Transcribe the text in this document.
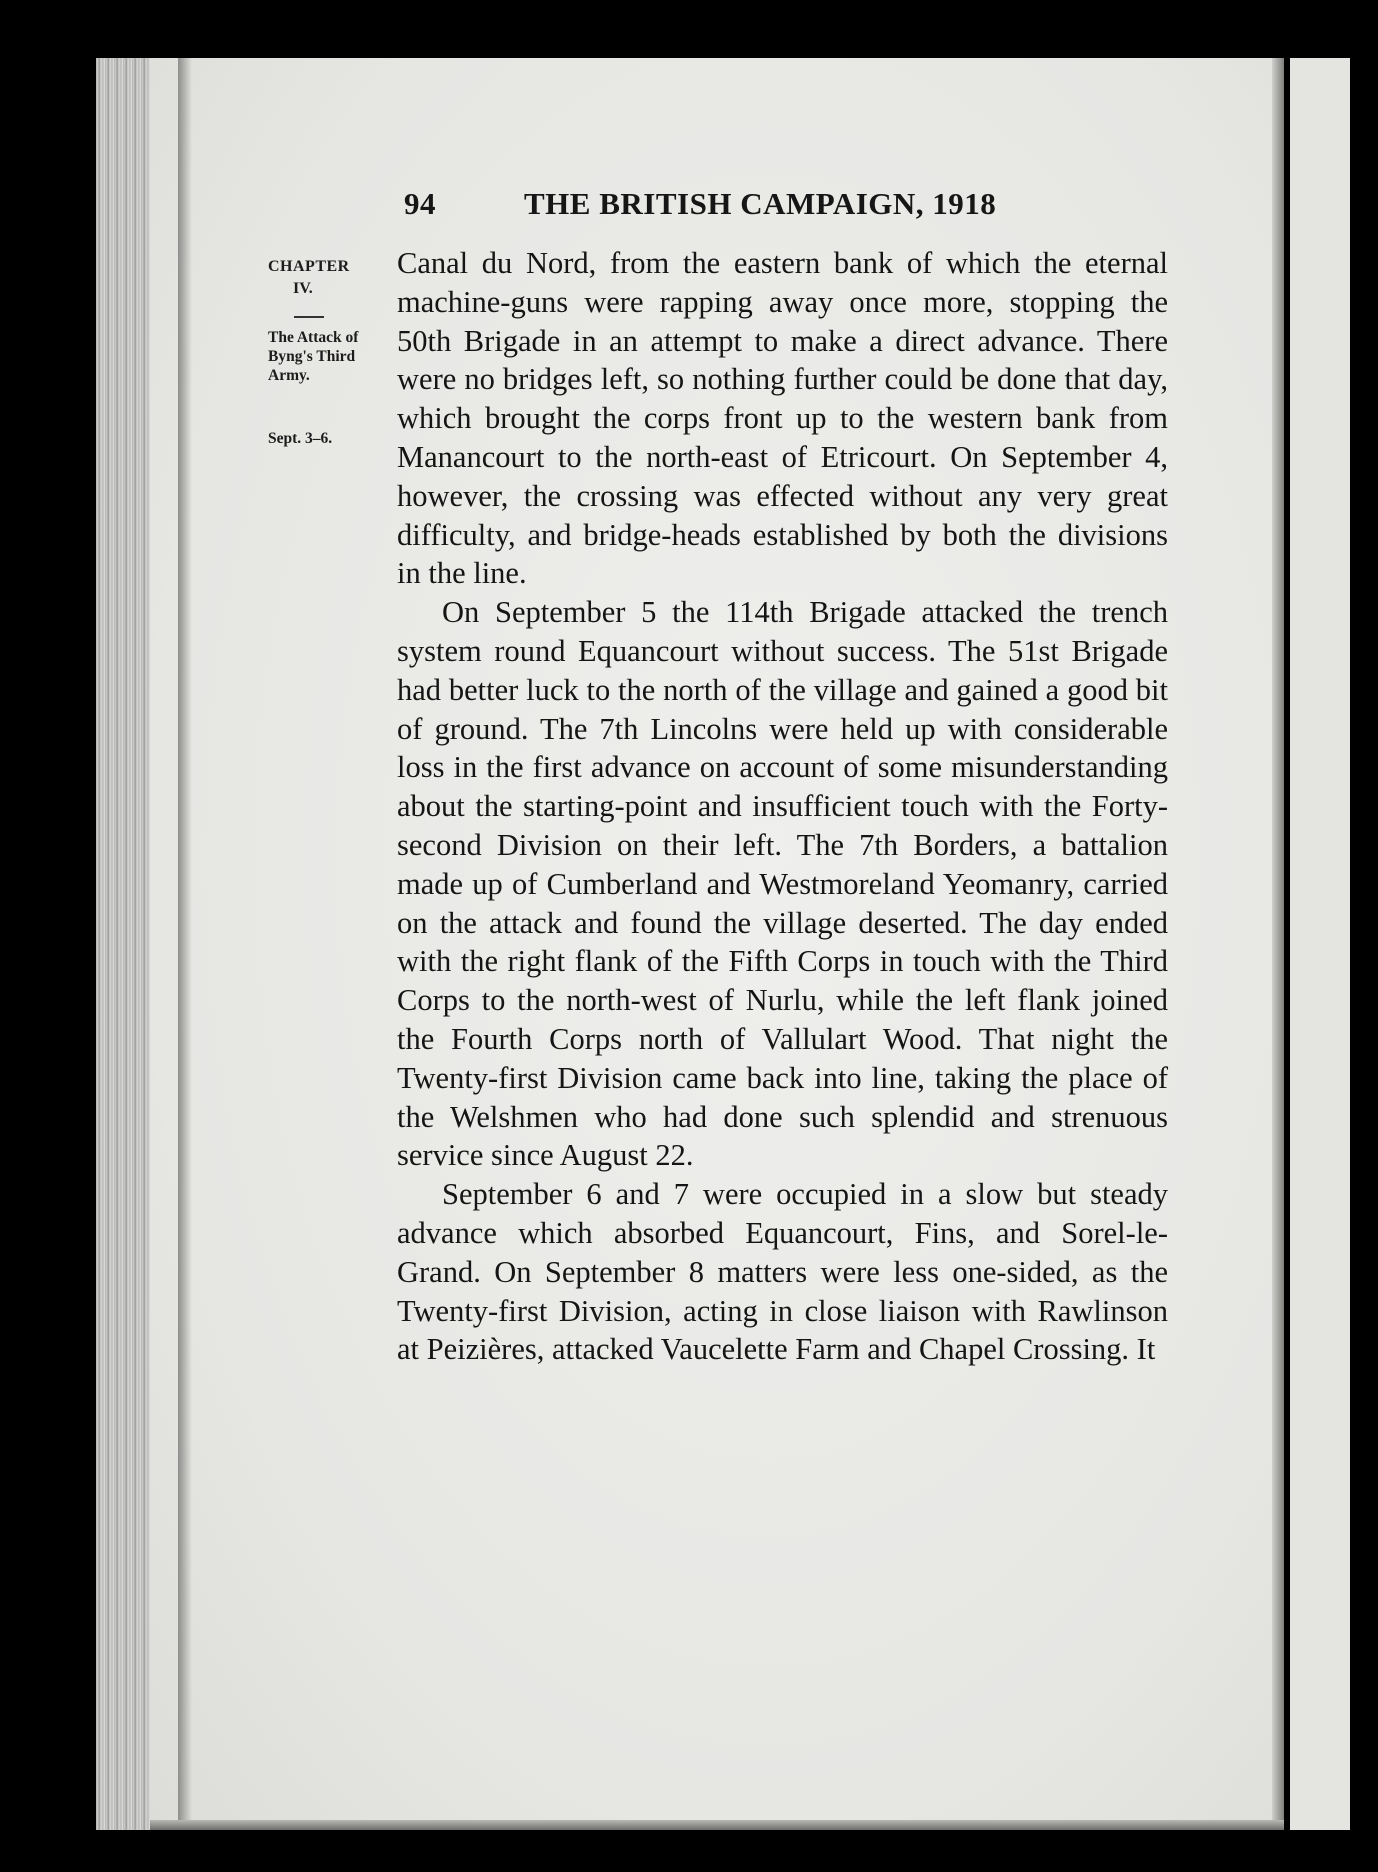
94	THE BRITISH CAMPAIGN, 1918
CHAPTER
IV.
The Attack of Byng's Third Army.
Sept. 3–6.

Canal du Nord, from the eastern bank of which the eternal machine-guns were rapping away once more, stopping the 50th Brigade in an attempt to make a direct advance. There were no bridges left, so nothing further could be done that day, which brought the corps front up to the western bank from Manancourt to the north-east of Etricourt. On September 4, however, the crossing was effected without any very great difficulty, and bridge-heads established by both the divisions in the line.

On September 5 the 114th Brigade attacked the trench system round Equancourt without success. The 51st Brigade had better luck to the north of the village and gained a good bit of ground. The 7th Lincolns were held up with considerable loss in the first advance on account of some misunderstanding about the starting-point and insufficient touch with the Forty-second Division on their left. The 7th Borders, a battalion made up of Cumberland and Westmoreland Yeomanry, carried on the attack and found the village deserted. The day ended with the right flank of the Fifth Corps in touch with the Third Corps to the north-west of Nurlu, while the left flank joined the Fourth Corps north of Vallulart Wood. That night the Twenty-first Division came back into line, taking the place of the Welshmen who had done such splendid and strenuous service since August 22.

September 6 and 7 were occupied in a slow but steady advance which absorbed Equancourt, Fins, and Sorel-le-Grand. On September 8 matters were less one-sided, as the Twenty-first Division, acting in close liaison with Rawlinson at Peizières, attacked Vaucelette Farm and Chapel Crossing. It
